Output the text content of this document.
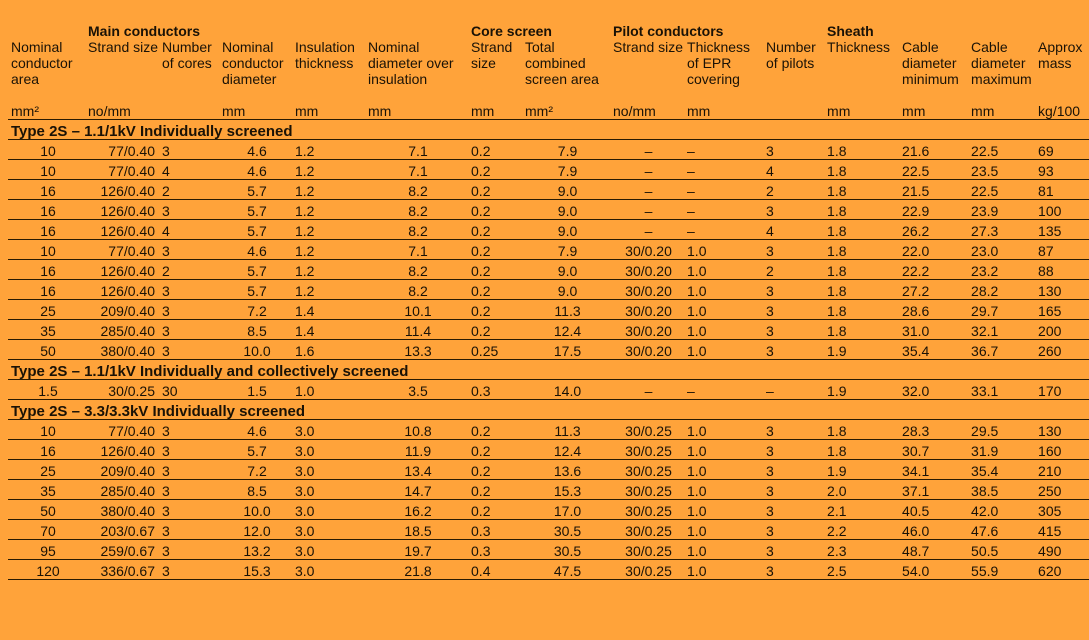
	Main conductors					Core screen		Pilot conductors			Sheath			
Nominal conductor area	Strand size	Number of cores	Nominal conductor diameter	Insulation thickness	Nominal diameter over insulation	Strand size	Total combined screen area	Strand size	Thickness of EPR covering	Number of pilots	Thickness	Cable diameter minimum	Cable diameter maximum	Approx mass
mm²	no/mm		mm	mm	mm	mm	mm²	no/mm	mm		mm	mm	mm	kg/100
Type 2S – 1.1/1kV Individually screened														
10	77/0.40	3	4.6	1.2	7.1	0.2	7.9	–	–	3	1.8	21.6	22.5	69
10	77/0.40	4	4.6	1.2	7.1	0.2	7.9	–	–	4	1.8	22.5	23.5	93
16	126/0.40	2	5.7	1.2	8.2	0.2	9.0	–	–	2	1.8	21.5	22.5	81
16	126/0.40	3	5.7	1.2	8.2	0.2	9.0	–	–	3	1.8	22.9	23.9	100
16	126/0.40	4	5.7	1.2	8.2	0.2	9.0	–	–	4	1.8	26.2	27.3	135
10	77/0.40	3	4.6	1.2	7.1	0.2	7.9	30/0.20	1.0	3	1.8	22.0	23.0	87
16	126/0.40	2	5.7	1.2	8.2	0.2	9.0	30/0.20	1.0	2	1.8	22.2	23.2	88
16	126/0.40	3	5.7	1.2	8.2	0.2	9.0	30/0.20	1.0	3	1.8	27.2	28.2	130
25	209/0.40	3	7.2	1.4	10.1	0.2	11.3	30/0.20	1.0	3	1.8	28.6	29.7	165
35	285/0.40	3	8.5	1.4	11.4	0.2	12.4	30/0.20	1.0	3	1.8	31.0	32.1	200
50	380/0.40	3	10.0	1.6	13.3	0.25	17.5	30/0.20	1.0	3	1.9	35.4	36.7	260
Type 2S – 1.1/1kV Individually and collectively screened														
1.5	30/0.25	30	1.5	1.0	3.5	0.3	14.0	–	–	–	1.9	32.0	33.1	170
Type 2S – 3.3/3.3kV Individually screened														
10	77/0.40	3	4.6	3.0	10.8	0.2	11.3	30/0.25	1.0	3	1.8	28.3	29.5	130
16	126/0.40	3	5.7	3.0	11.9	0.2	12.4	30/0.25	1.0	3	1.8	30.7	31.9	160
25	209/0.40	3	7.2	3.0	13.4	0.2	13.6	30/0.25	1.0	3	1.9	34.1	35.4	210
35	285/0.40	3	8.5	3.0	14.7	0.2	15.3	30/0.25	1.0	3	2.0	37.1	38.5	250
50	380/0.40	3	10.0	3.0	16.2	0.2	17.0	30/0.25	1.0	3	2.1	40.5	42.0	305
70	203/0.67	3	12.0	3.0	18.5	0.3	30.5	30/0.25	1.0	3	2.2	46.0	47.6	415
95	259/0.67	3	13.2	3.0	19.7	0.3	30.5	30/0.25	1.0	3	2.3	48.7	50.5	490
120	336/0.67	3	15.3	3.0	21.8	0.4	47.5	30/0.25	1.0	3	2.5	54.0	55.9	620
